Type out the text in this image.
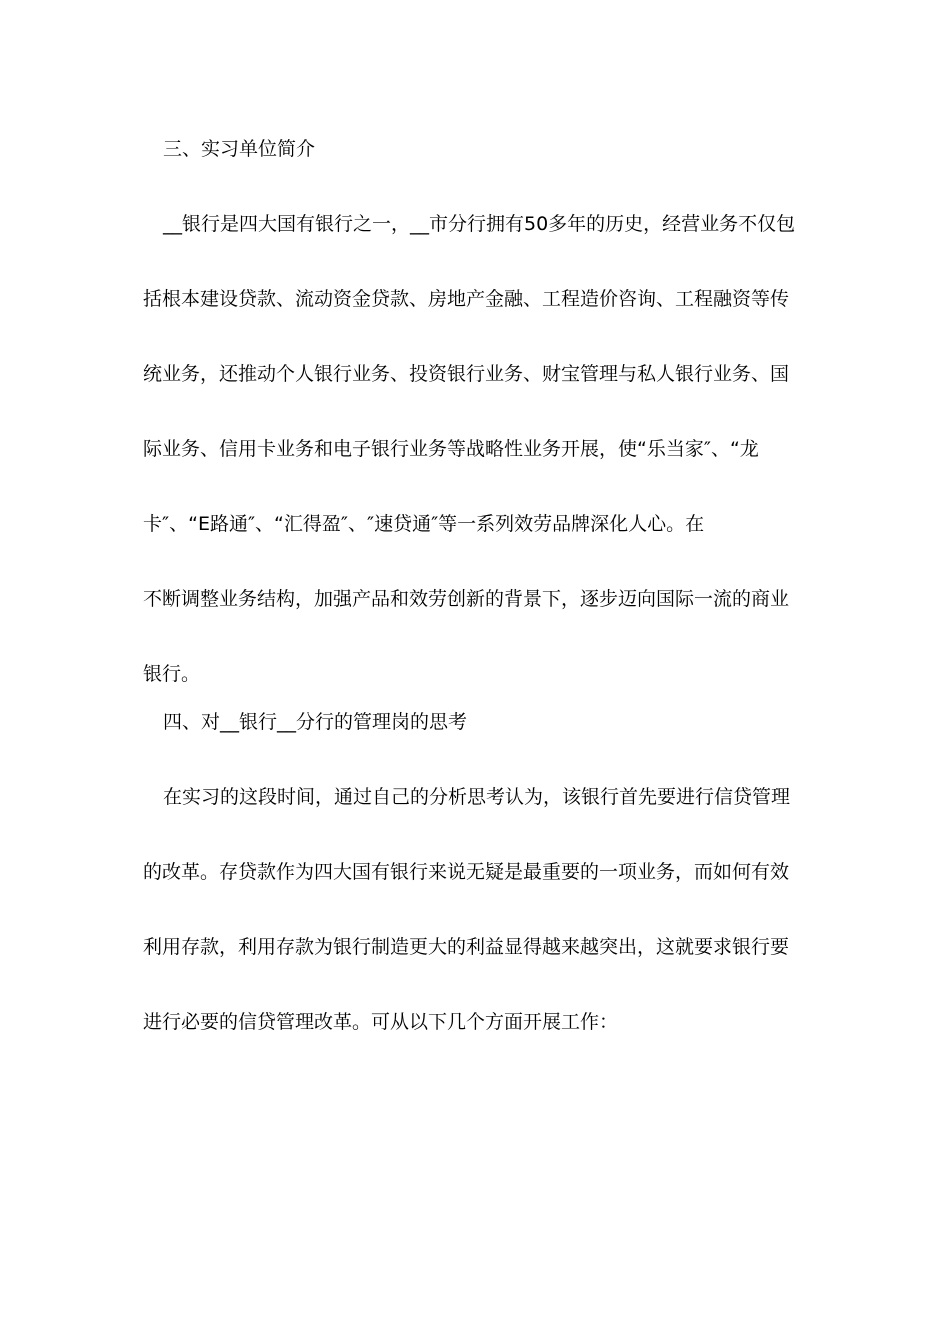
三、实习单位简介
__银行是四大国有银行之一，__市分行拥有50多年的历史，经营业务不仅包
括根本建设贷款、流动资金贷款、房地产金融、工程造价咨询、工程融资等传
统业务，还推动个人银行业务、投资银行业务、财宝管理与私人银行业务、国
际业务、信用卡业务和电子银行业务等战略性业务开展，使“乐当家″、“龙
卡″、“E路通″、“汇得盈″、″速贷通″等一系列效劳品牌深化人心。在
不断调整业务结构，加强产品和效劳创新的背景下，逐步迈向国际一流的商业
银行。
四、对__银行__分行的管理岗的思考
在实习的这段时间，通过自己的分析思考认为，该银行首先要进行信贷管理
的改革。存贷款作为四大国有银行来说无疑是最重要的一项业务，而如何有效
利用存款，利用存款为银行制造更大的利益显得越来越突出，这就要求银行要
进行必要的信贷管理改革。可从以下几个方面开展工作：
